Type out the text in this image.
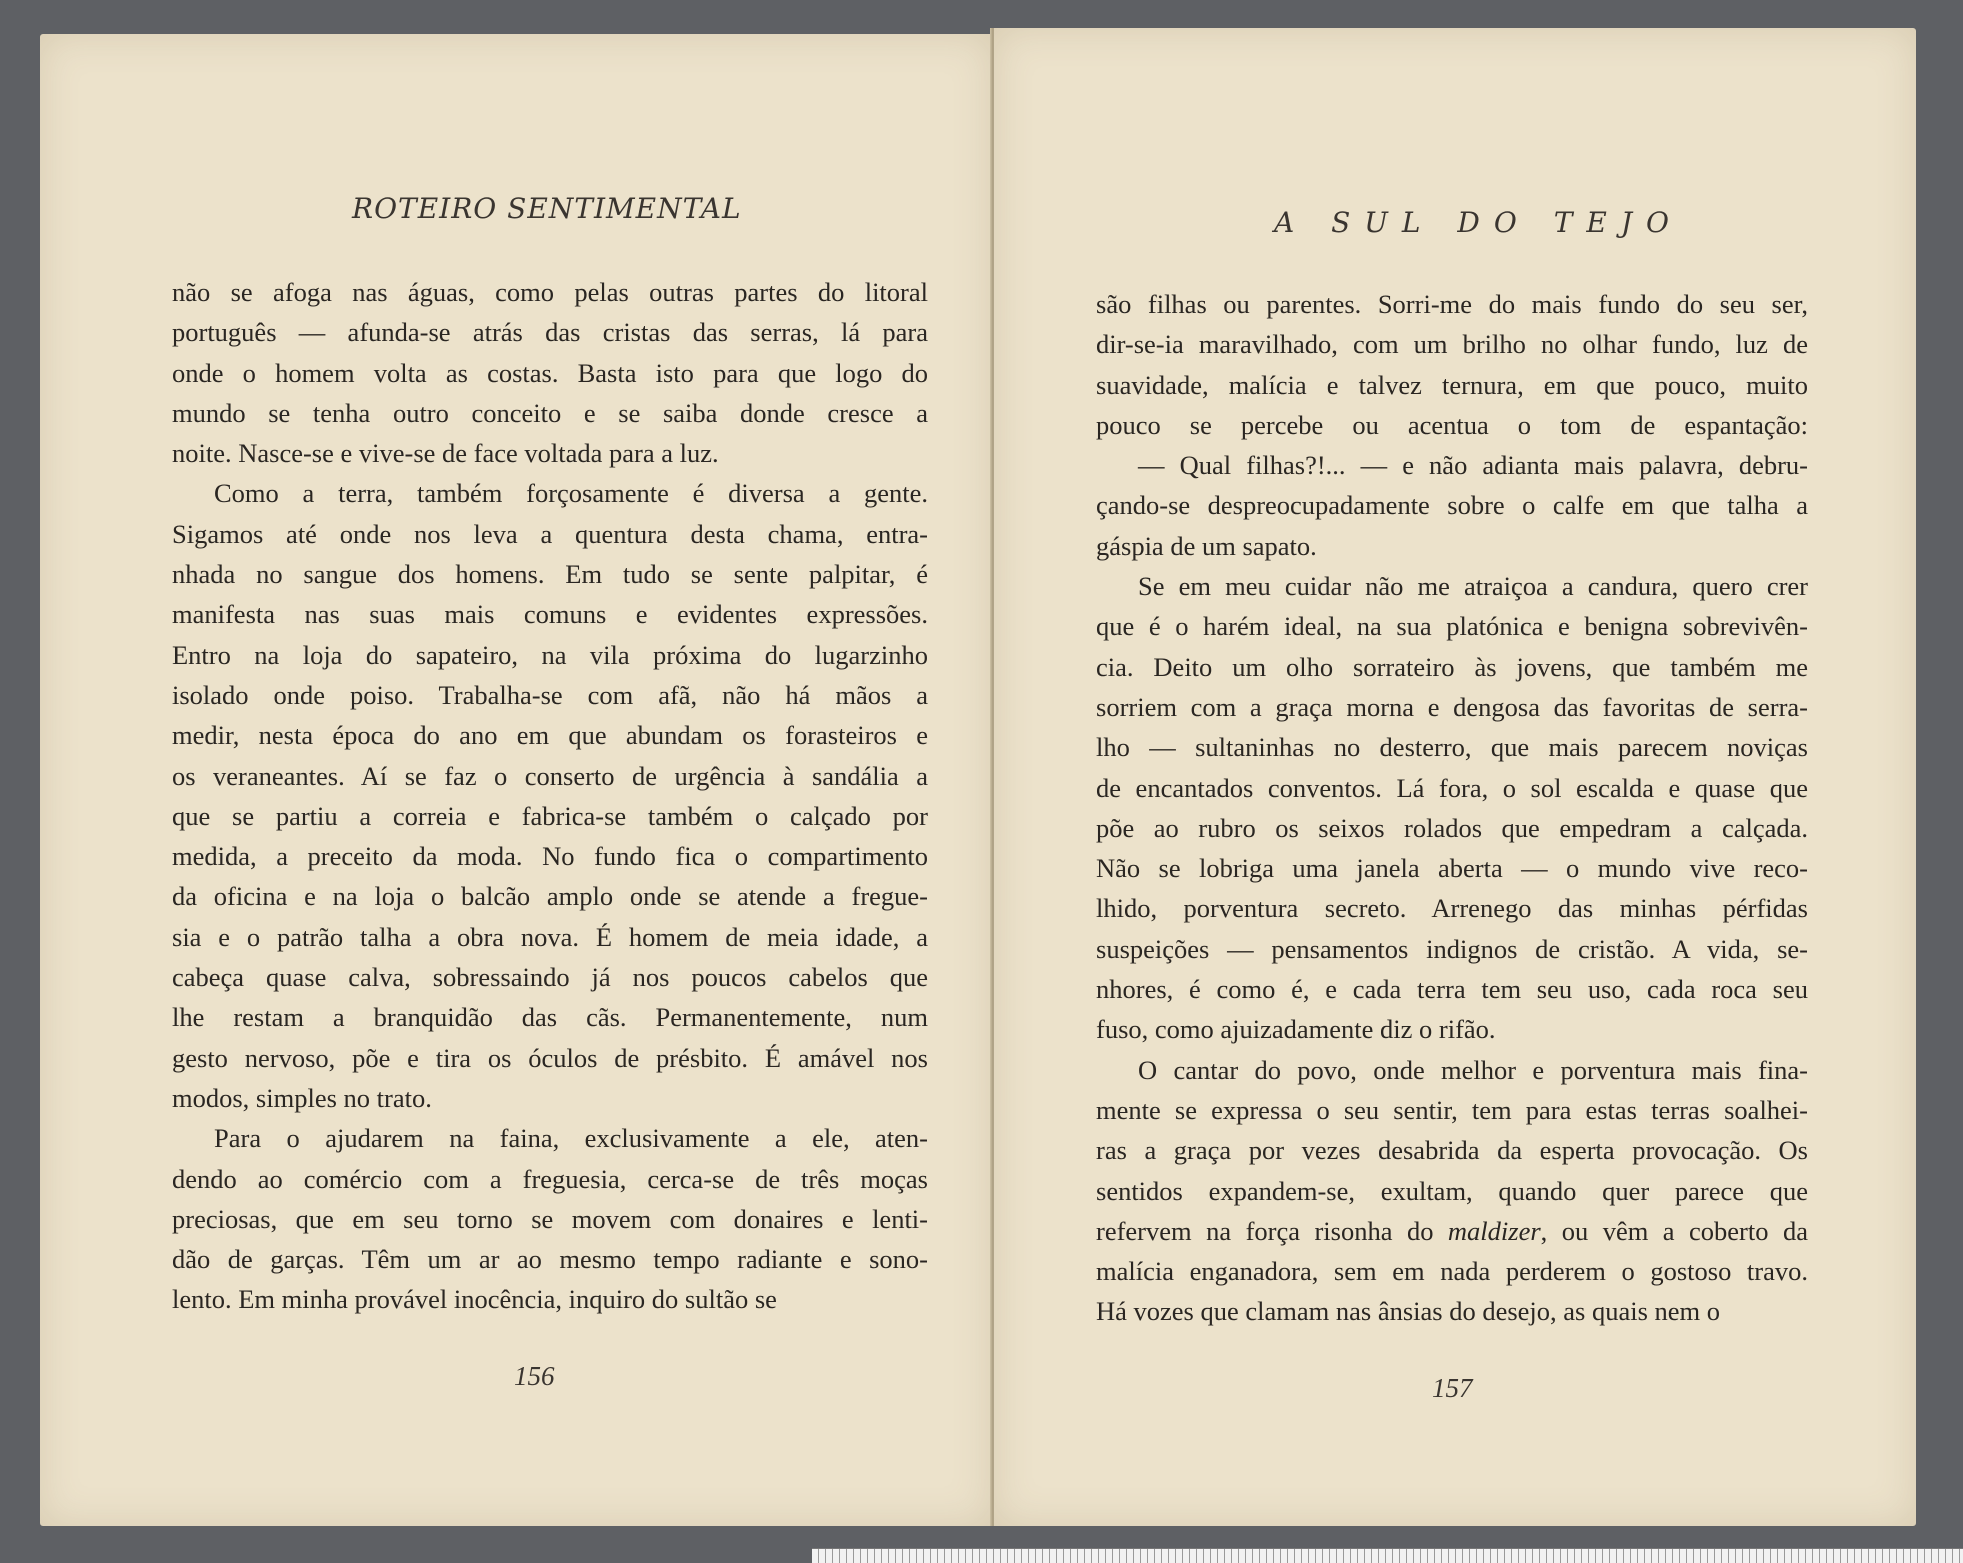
ROTEIRO SENTIMENTAL
não se afoga nas águas, como pelas outras partes do litoral
português — afunda-se atrás das cristas das serras, lá para
onde o homem volta as costas. Basta isto para que logo do
mundo se tenha outro conceito e se saiba donde cresce a
noite. Nasce-se e vive-se de face voltada para a luz.
Como a terra, também forçosamente é diversa a gente.
Sigamos até onde nos leva a quentura desta chama, entra-
nhada no sangue dos homens. Em tudo se sente palpitar, é
manifesta nas suas mais comuns e evidentes expressões.
Entro na loja do sapateiro, na vila próxima do lugarzinho
isolado onde poiso. Trabalha-se com afã, não há mãos a
medir, nesta época do ano em que abundam os forasteiros e
os veraneantes. Aí se faz o conserto de urgência à sandália a
que se partiu a correia e fabrica-se também o calçado por
medida, a preceito da moda. No fundo fica o compartimento
da oficina e na loja o balcão amplo onde se atende a fregue-
sia e o patrão talha a obra nova. É homem de meia idade, a
cabeça quase calva, sobressaindo já nos poucos cabelos que
lhe restam a branquidão das cãs. Permanentemente, num
gesto nervoso, põe e tira os óculos de présbito. É amável nos
modos, simples no trato.
Para o ajudarem na faina, exclusivamente a ele, aten-
dendo ao comércio com a freguesia, cerca-se de três moças
preciosas, que em seu torno se movem com donaires e lenti-
dão de garças. Têm um ar ao mesmo tempo radiante e sono-
lento. Em minha provável inocência, inquiro do sultão se

156

A SUL DO TEJO
são filhas ou parentes. Sorri-me do mais fundo do seu ser,
dir-se-ia maravilhado, com um brilho no olhar fundo, luz de
suavidade, malícia e talvez ternura, em que pouco, muito
pouco se percebe ou acentua o tom de espantação:
— Qual filhas?!... — e não adianta mais palavra, debru-
çando-se despreocupadamente sobre o calfe em que talha a
gáspia de um sapato.
Se em meu cuidar não me atraiçoa a candura, quero crer
que é o harém ideal, na sua platónica e benigna sobrevivên-
cia. Deito um olho sorrateiro às jovens, que também me
sorriem com a graça morna e dengosa das favoritas de serra-
lho — sultaninhas no desterro, que mais parecem noviças
de encantados conventos. Lá fora, o sol escalda e quase que
põe ao rubro os seixos rolados que empedram a calçada.
Não se lobriga uma janela aberta — o mundo vive reco-
lhido, porventura secreto. Arrenego das minhas pérfidas
suspeições — pensamentos indignos de cristão. A vida, se-
nhores, é como é, e cada terra tem seu uso, cada roca seu
fuso, como ajuizadamente diz o rifão.
O cantar do povo, onde melhor e porventura mais fina-
mente se expressa o seu sentir, tem para estas terras soalhei-
ras a graça por vezes desabrida da esperta provocação. Os
sentidos expandem-se, exultam, quando quer parece que
refervem na força risonha do maldizer, ou vêm a coberto da
malícia enganadora, sem em nada perderem o gostoso travo.
Há vozes que clamam nas ânsias do desejo, as quais nem o

157
